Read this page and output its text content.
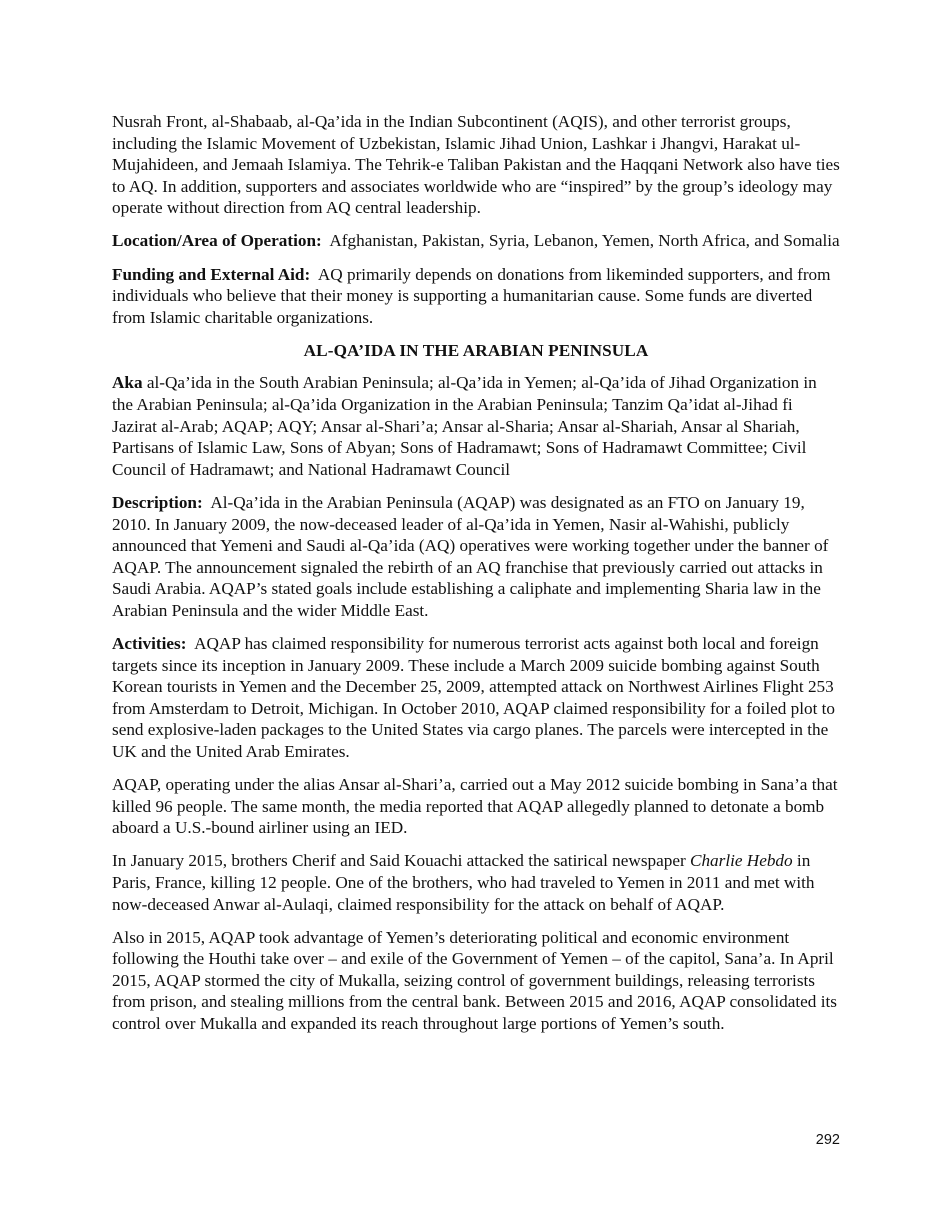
Nusrah Front, al-Shabaab, al-Qa’ida in the Indian Subcontinent (AQIS), and other terrorist groups, including the Islamic Movement of Uzbekistan, Islamic Jihad Union, Lashkar i Jhangvi, Harakat ul-Mujahideen, and Jemaah Islamiya. The Tehrik-e Taliban Pakistan and the Haqqani Network also have ties to AQ. In addition, supporters and associates worldwide who are “inspired” by the group’s ideology may operate without direction from AQ central leadership.

Location/Area of Operation: Afghanistan, Pakistan, Syria, Lebanon, Yemen, North Africa, and Somalia

Funding and External Aid: AQ primarily depends on donations from likeminded supporters, and from individuals who believe that their money is supporting a humanitarian cause. Some funds are diverted from Islamic charitable organizations.

AL-QA’IDA IN THE ARABIAN PENINSULA

Aka al-Qa’ida in the South Arabian Peninsula; al-Qa’ida in Yemen; al-Qa’ida of Jihad Organization in the Arabian Peninsula; al-Qa’ida Organization in the Arabian Peninsula; Tanzim Qa’idat al-Jihad fi Jazirat al-Arab; AQAP; AQY; Ansar al-Shari’a; Ansar al-Sharia; Ansar al-Shariah, Ansar al Shariah, Partisans of Islamic Law, Sons of Abyan; Sons of Hadramawt; Sons of Hadramawt Committee; Civil Council of Hadramawt; and National Hadramawt Council

Description: Al-Qa’ida in the Arabian Peninsula (AQAP) was designated as an FTO on January 19, 2010. In January 2009, the now-deceased leader of al-Qa’ida in Yemen, Nasir al-Wahishi, publicly announced that Yemeni and Saudi al-Qa’ida (AQ) operatives were working together under the banner of AQAP. The announcement signaled the rebirth of an AQ franchise that previously carried out attacks in Saudi Arabia. AQAP’s stated goals include establishing a caliphate and implementing Sharia law in the Arabian Peninsula and the wider Middle East.

Activities: AQAP has claimed responsibility for numerous terrorist acts against both local and foreign targets since its inception in January 2009. These include a March 2009 suicide bombing against South Korean tourists in Yemen and the December 25, 2009, attempted attack on Northwest Airlines Flight 253 from Amsterdam to Detroit, Michigan. In October 2010, AQAP claimed responsibility for a foiled plot to send explosive-laden packages to the United States via cargo planes. The parcels were intercepted in the UK and the United Arab Emirates.

AQAP, operating under the alias Ansar al-Shari’a, carried out a May 2012 suicide bombing in Sana’a that killed 96 people. The same month, the media reported that AQAP allegedly planned to detonate a bomb aboard a U.S.-bound airliner using an IED.

In January 2015, brothers Cherif and Said Kouachi attacked the satirical newspaper Charlie Hebdo in Paris, France, killing 12 people. One of the brothers, who had traveled to Yemen in 2011 and met with now-deceased Anwar al-Aulaqi, claimed responsibility for the attack on behalf of AQAP.

Also in 2015, AQAP took advantage of Yemen’s deteriorating political and economic environment following the Houthi take over – and exile of the Government of Yemen – of the capitol, Sana’a. In April 2015, AQAP stormed the city of Mukalla, seizing control of government buildings, releasing terrorists from prison, and stealing millions from the central bank. Between 2015 and 2016, AQAP consolidated its control over Mukalla and expanded its reach throughout large portions of Yemen’s south.

292
